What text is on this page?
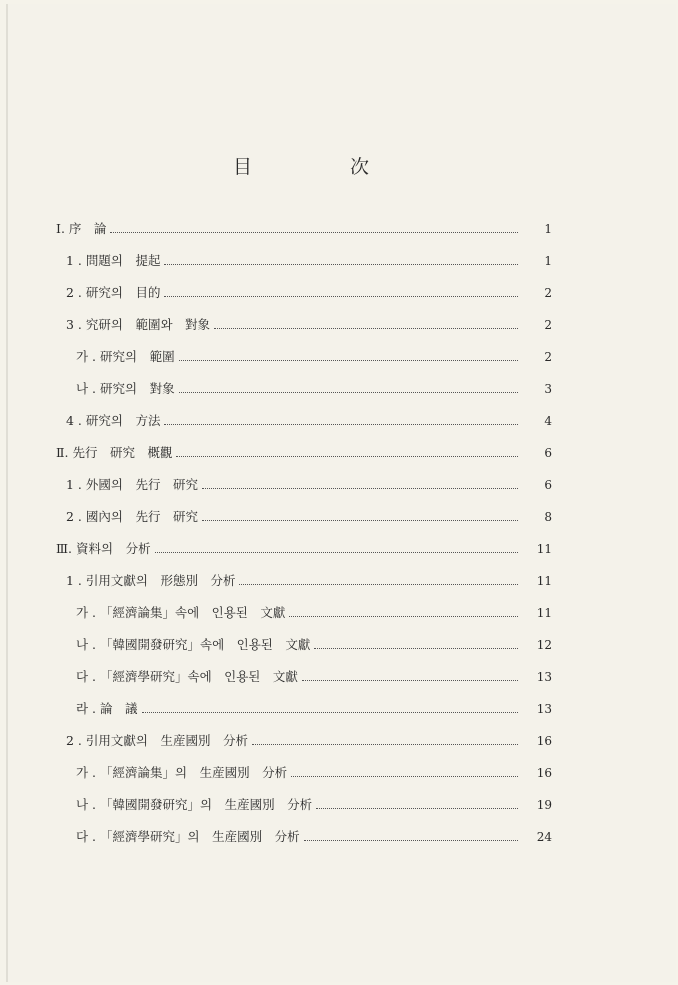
目	次
Ⅰ. 序　論	1
1 . 問題의　提起	1
2 . 研究의　目的	2
3 . 究研의　範圍와　對象	2
가 . 研究의　範圍	2
나 . 研究의　對象	3
4 . 研究의　方法	4
Ⅱ. 先行　研究　概觀	6
1 . 外國의　先行　研究	6
2 . 國內의　先行　研究	8
Ⅲ. 資料의　分析	11
1 . 引用文獻의　形態別　分析	11
가 . 「經濟論集」속에　인용된　文獻	11
나 . 「韓國開發研究」속에　인용된　文獻	12
다 . 「經濟學研究」속에　인용된　文獻	13
라 . 論　議	13
2 . 引用文獻의　生産國別　分析	16
가 . 「經濟論集」의　生産國別　分析	16
나 . 「韓國開發研究」의　生産國別　分析	19
다 . 「經濟學研究」의　生産國別　分析	24
